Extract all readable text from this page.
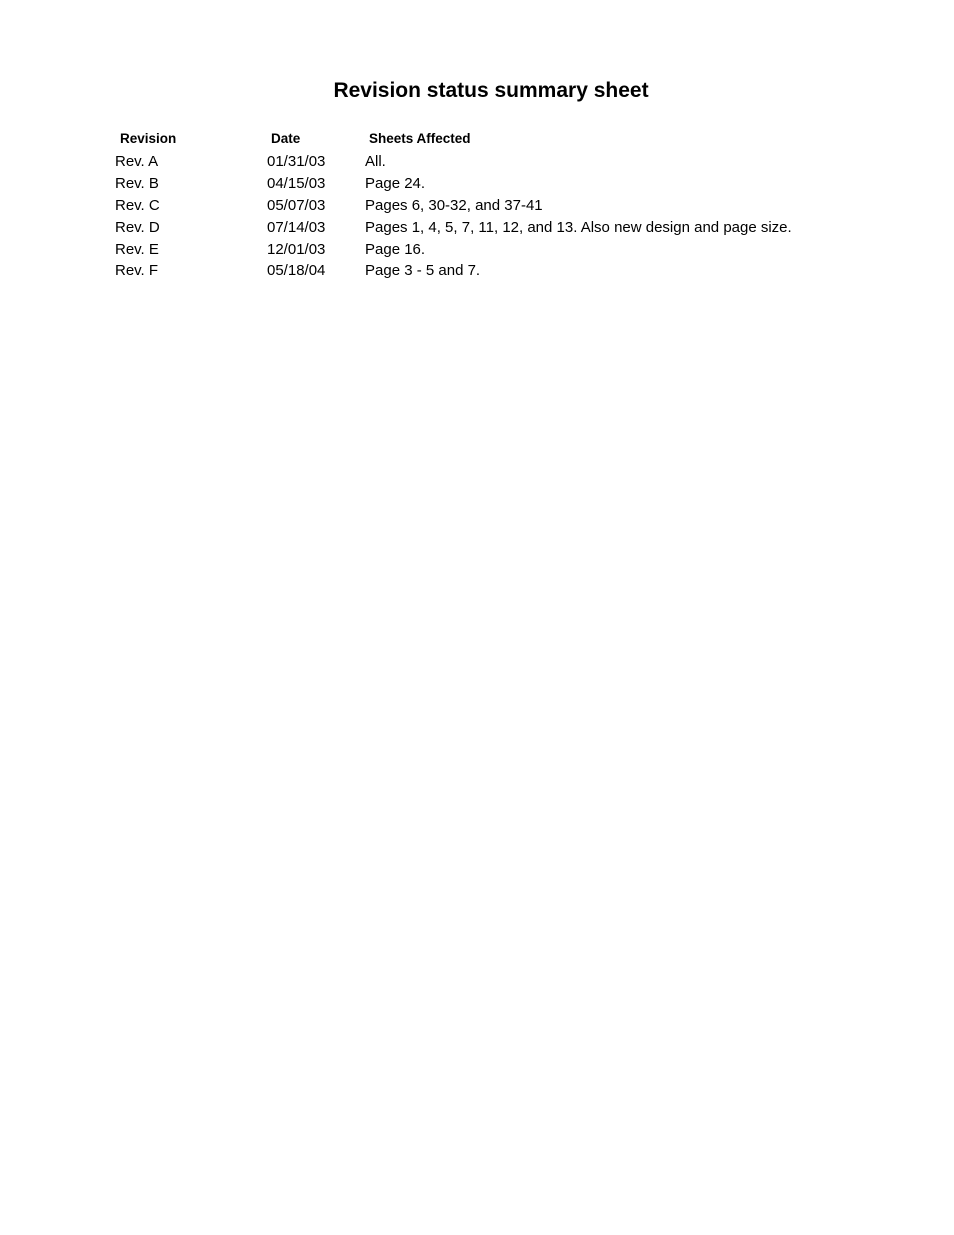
Revision status summary sheet
Revision	Date	Sheets Affected
Rev. A	01/31/03	All.
Rev. B	04/15/03	Page 24.
Rev. C	05/07/03	Pages 6, 30-32, and 37-41
Rev. D	07/14/03	Pages 1, 4, 5, 7, 11, 12, and 13. Also new design and page size.
Rev. E	12/01/03	Page 16.
Rev. F	05/18/04	Page 3 - 5 and 7.
